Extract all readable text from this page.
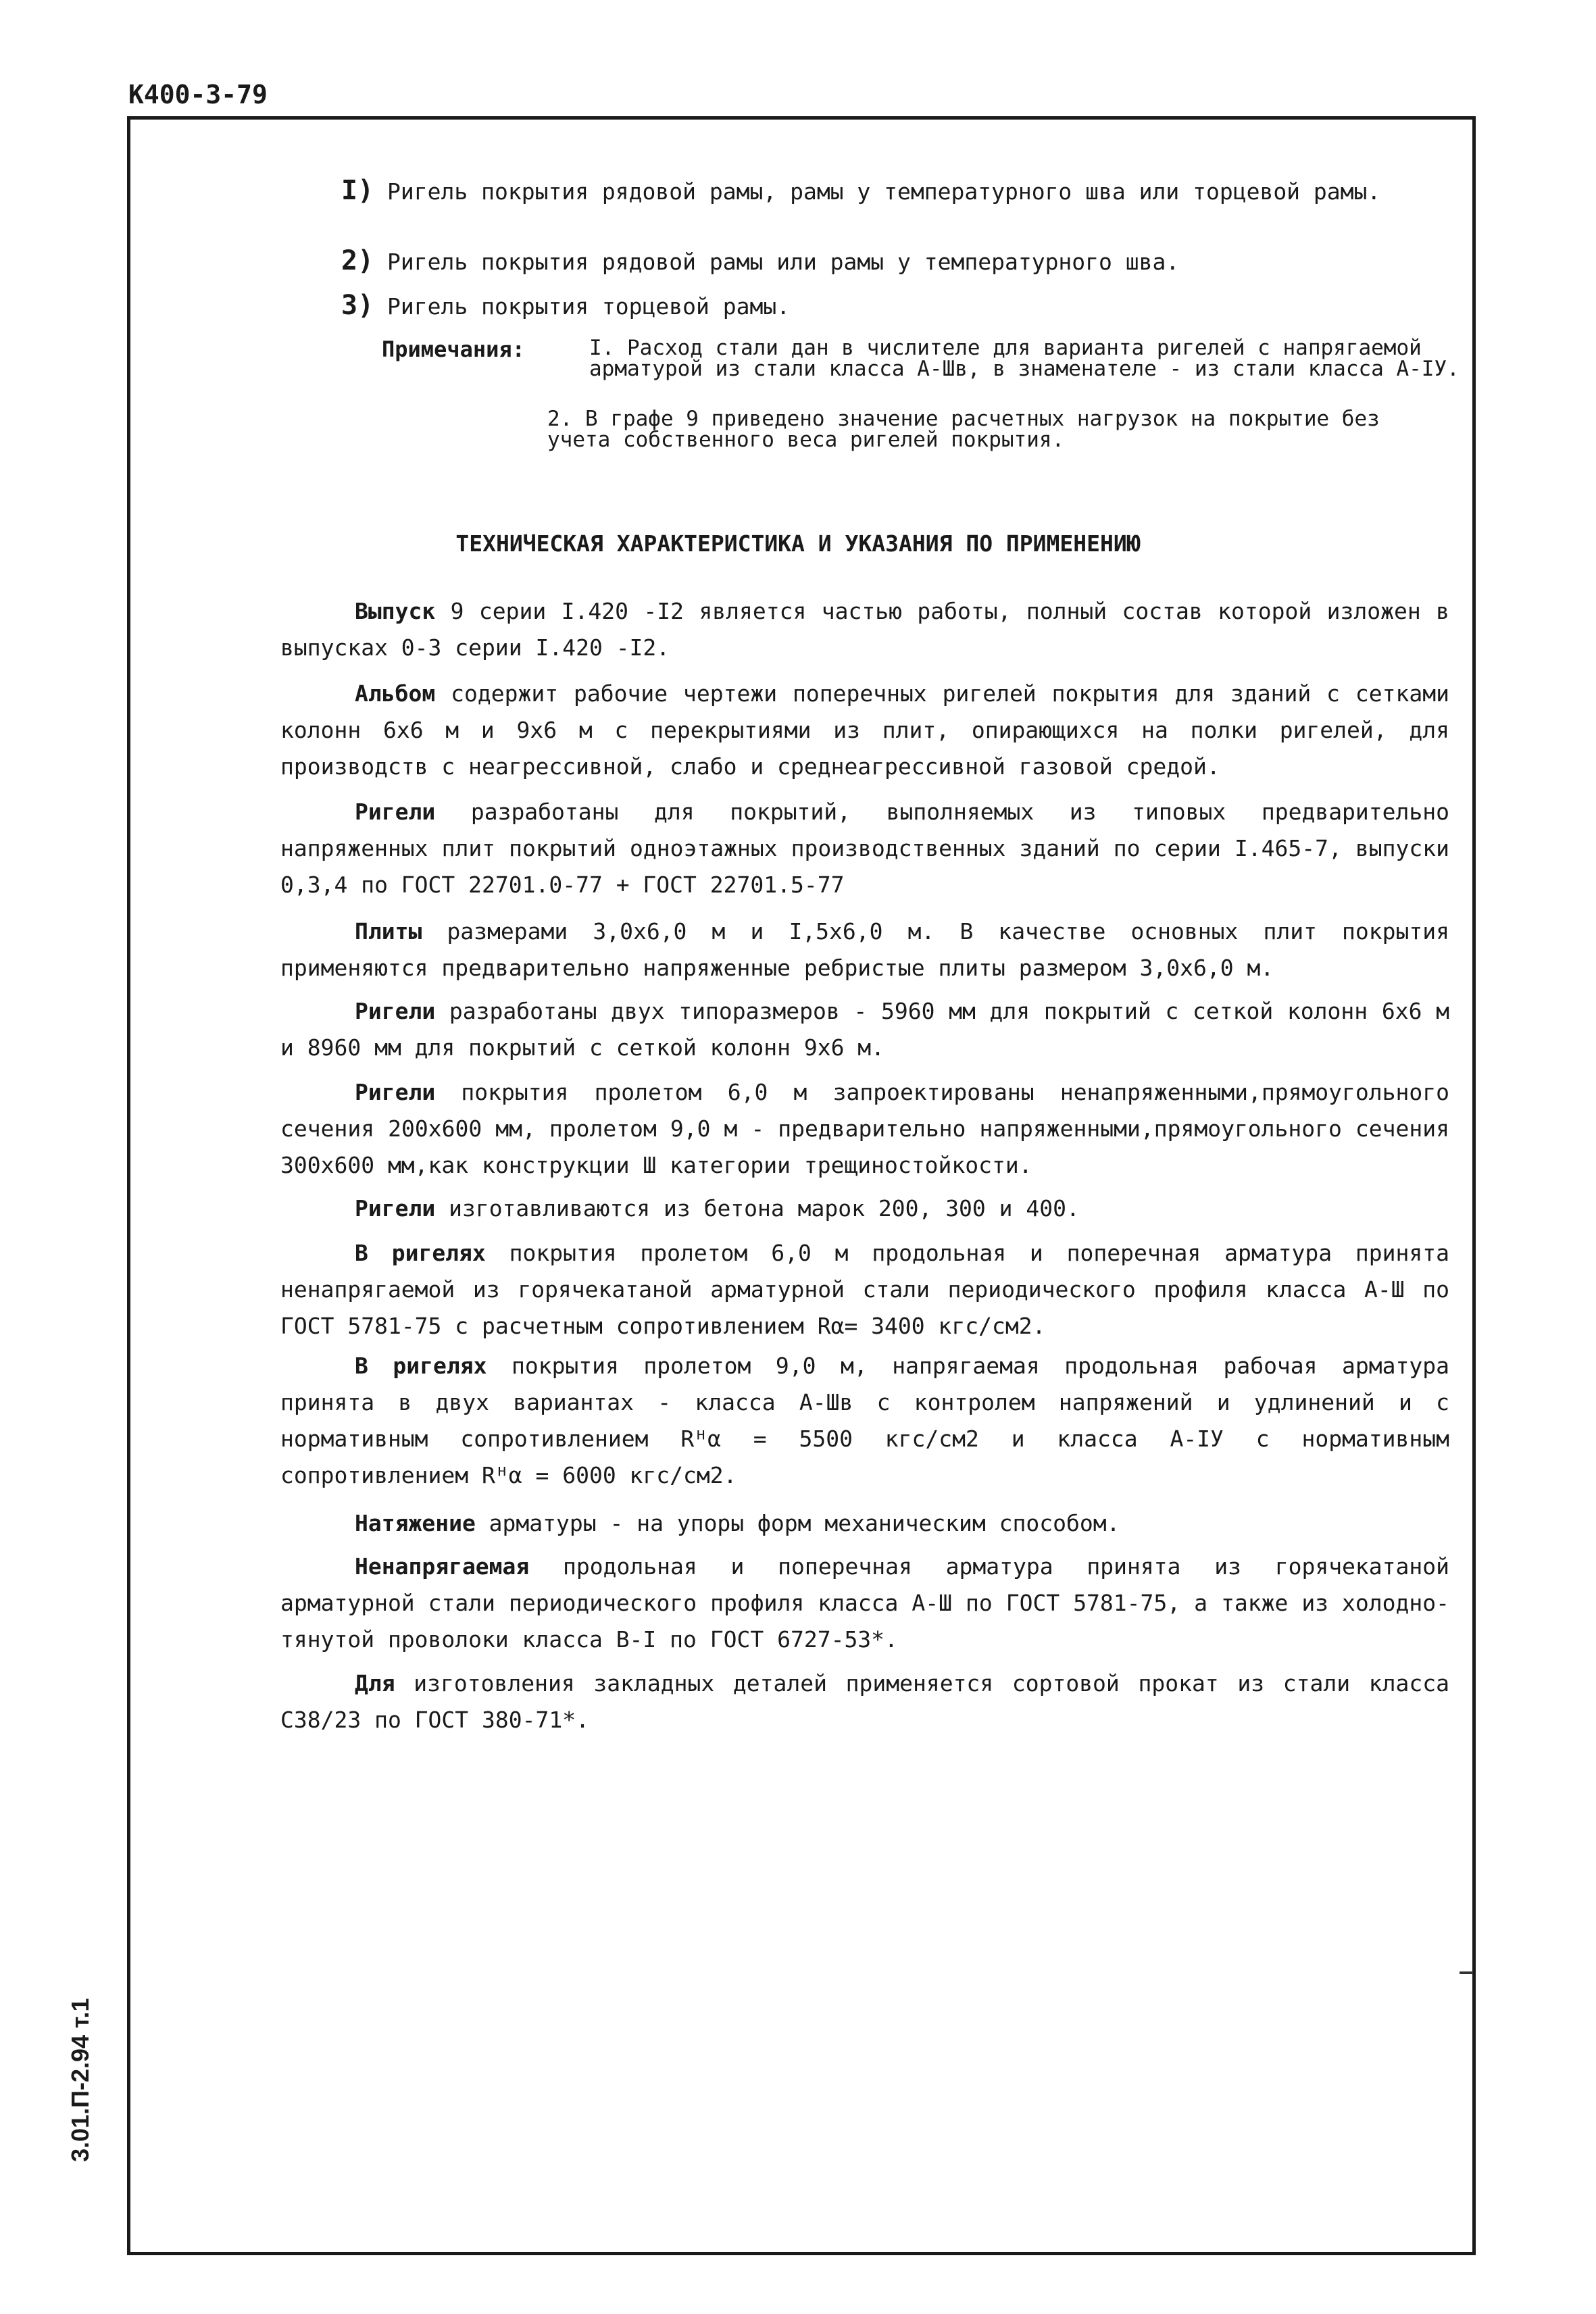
К400-3-79
3.01.П-2.94 т.1
I) Ригель покрытия рядовой рамы, рамы у температурного шва или торцевой рамы.
2) Ригель покрытия рядовой рамы или рамы у температурного шва.
3) Ригель покрытия торцевой рамы.
Примечания:	I. Расход стали дан в числителе для варианта ригелей с напрягаемой арматурой из стали класса А-Шв, в знаменателе - из стали класса А-IУ.
2. В графе 9 приведено значение расчетных нагрузок на покрытие без учета собственного веса ригелей покрытия.
ТЕХНИЧЕСКАЯ ХАРАКТЕРИСТИКА И УКАЗАНИЯ ПО ПРИМЕНЕНИЮ
Выпуск 9 серии I.420 -I2 является частью работы, полный состав которой изложен в выпусках 0-3 серии I.420 -I2.
Альбом содержит рабочие чертежи поперечных ригелей покрытия для зданий с сетками колонн 6х6 м и 9х6 м с перекрытиями из плит, опирающихся на полки ригелей, для производств с неагрессивной, слабо и среднеагрессивной газовой средой.
Ригели разработаны для покрытий, выполняемых из типовых предварительно напряженных плит покрытий одноэтажных производственных зданий по серии I.465-7, выпуски 0,3,4 по ГОСТ 22701.0-77 + ГОСТ 22701.5-77
Плиты размерами 3,0х6,0 м и I,5х6,0 м. В качестве основных плит покрытия применяются предварительно напряженные ребристые плиты размером 3,0х6,0 м.
Ригели разработаны двух типоразмеров - 5960 мм для покрытий с сеткой колонн 6х6 м и 8960 мм для покрытий с сеткой колонн 9х6 м.
Ригели покрытия пролетом 6,0 м запроектированы ненапряженными,прямоугольного сечения 200х600 мм, пролетом 9,0 м - предварительно напряженными,прямоугольного сечения 300х600 мм,как конструкции Ш категории трещиностойкости.
Ригели изготавливаются из бетона марок 200, 300 и 400.
В ригелях покрытия пролетом 6,0 м продольная и поперечная арматура принята ненапрягаемой из горячекатаной арматурной стали периодического профиля класса А-Ш по ГОСТ 5781-75 с расчетным сопротивлением Rα= 3400 кгс/см2.
В ригелях покрытия пролетом 9,0 м, напрягаемая продольная рабочая арматура принята в двух вариантах - класса А-Шв с контролем напряжений и удлинений и с нормативным сопротивлением Rᴴα = 5500 кгс/см2 и класса А-IУ с нормативным сопротивлением Rᴴα = 6000 кгс/см2.
Натяжение арматуры - на упоры форм механическим способом.
Ненапрягаемая продольная и поперечная арматура принята из горячекатаной арматурной стали периодического профиля класса А-Ш по ГОСТ 5781-75, а также из холодно-тянутой проволоки класса В-I по ГОСТ 6727-53*.
Для изготовления закладных деталей применяется сортовой прокат из стали класса С38/23 по ГОСТ 380-71*.
